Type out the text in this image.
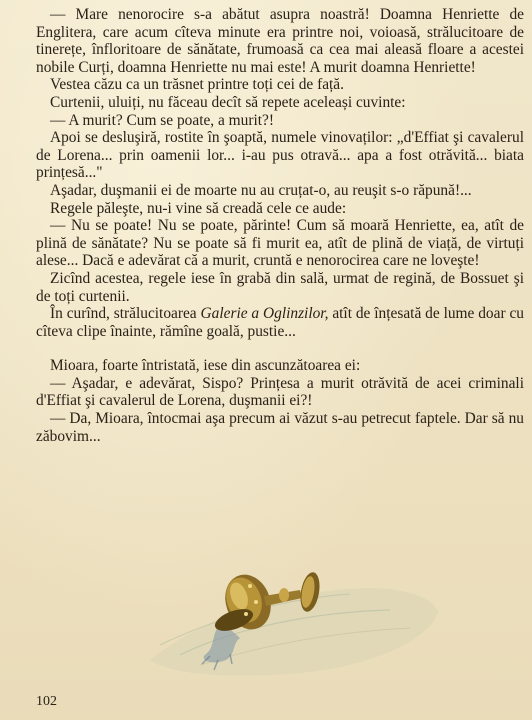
— Mare nenorocire s-a abătut asupra noastră! Doamna Henriette de Englitera, care acum cîteva minute era printre noi, voioasă, strălucitoare de tinerețe, înfloritoare de sănătate, frumoasă ca cea mai aleasă floare a acestei nobile Curți, doamna Henriette nu mai este! A murit doamna Henriette!

Vestea căzu ca un trăsnet printre toți cei de față.

Curtenii, uluiți, nu făceau decît să repete aceleași cuvinte:

— A murit? Cum se poate, a murit?!

Apoi se desluşiră, rostite în şoaptă, numele vinovaților: „d'Effiat şi cavalerul de Lorena... prin oamenii lor... i-au pus otravă... apa a fost otrăvită... biata prințesă..."

Aşadar, duşmanii ei de moarte nu au cruțat-o, au reuşit s-o răpună!...

Regele păleşte, nu-i vine să creadă cele ce aude:

— Nu se poate! Nu se poate, părinte! Cum să moară Henriette, ea, atît de plină de sănătate? Nu se poate să fi murit ea, atît de plină de viață, de virtuți alese... Dacă e adevărat că a murit, cruntă e nenorocirea care ne loveşte!

Zicînd acestea, regele iese în grabă din sală, urmat de regină, de Bossuet şi de toți curtenii.

În curînd, strălucitoarea Galerie a Oglinzilor, atît de înțesată de lume doar cu cîteva clipe înainte, rămîne goală, pustie...

Mioara, foarte întristată, iese din ascunzătoarea ei:

— Aşadar, e adevărat, Sispo? Prințesa a murit otrăvită de acei criminali d'Effiat şi cavalerul de Lorena, duşmanii ei?!

— Da, Mioara, întocmai aşa precum ai văzut s-au petrecut faptele. Dar să nu zăbovim...

102
